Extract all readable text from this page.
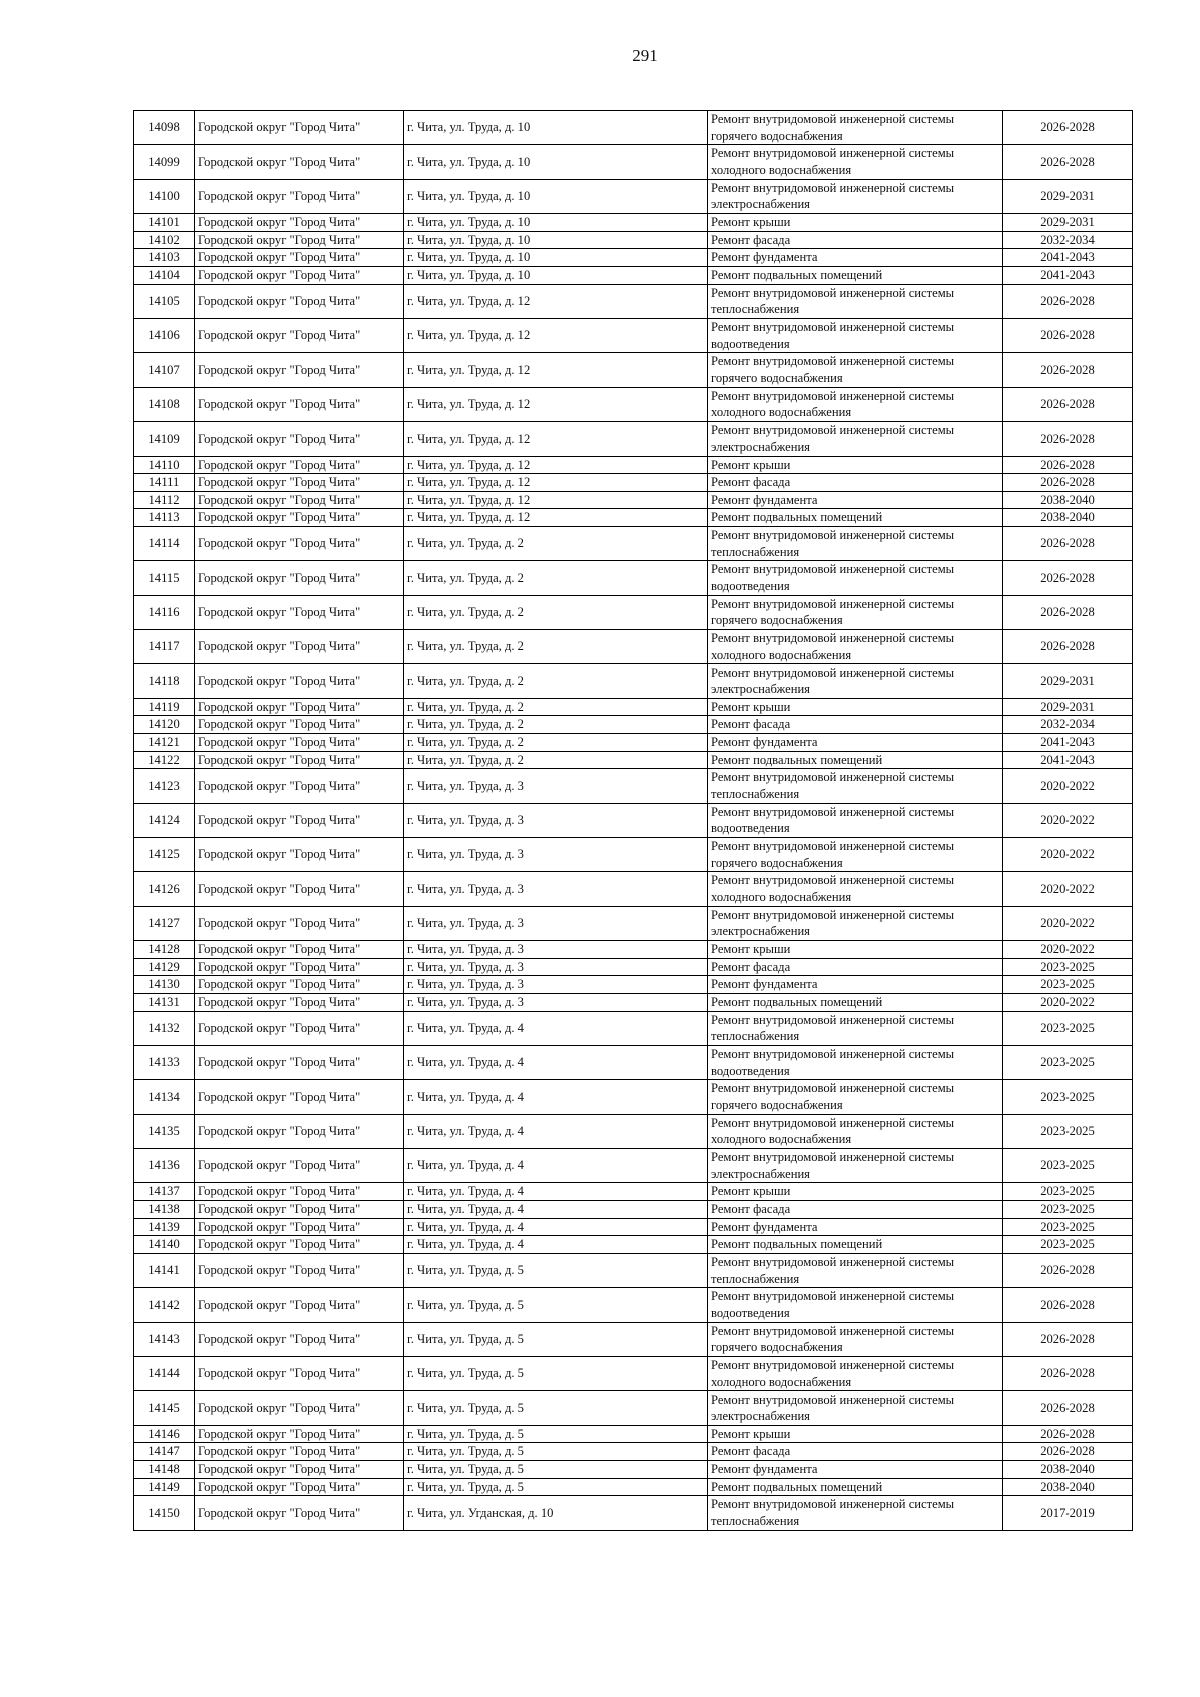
291
14098	Городской округ "Город Чита"	г. Чита, ул. Труда, д. 10	Ремонт внутридомовой инженерной системы горячего водоснабжения	2026-2028
14099	Городской округ "Город Чита"	г. Чита, ул. Труда, д. 10	Ремонт внутридомовой инженерной системы холодного водоснабжения	2026-2028
14100	Городской округ "Город Чита"	г. Чита, ул. Труда, д. 10	Ремонт внутридомовой инженерной системы электроснабжения	2029-2031
14101	Городской округ "Город Чита"	г. Чита, ул. Труда, д. 10	Ремонт крыши	2029-2031
14102	Городской округ "Город Чита"	г. Чита, ул. Труда, д. 10	Ремонт фасада	2032-2034
14103	Городской округ "Город Чита"	г. Чита, ул. Труда, д. 10	Ремонт фундамента	2041-2043
14104	Городской округ "Город Чита"	г. Чита, ул. Труда, д. 10	Ремонт подвальных помещений	2041-2043
14105	Городской округ "Город Чита"	г. Чита, ул. Труда, д. 12	Ремонт внутридомовой инженерной системы теплоснабжения	2026-2028
14106	Городской округ "Город Чита"	г. Чита, ул. Труда, д. 12	Ремонт внутридомовой инженерной системы водоотведения	2026-2028
14107	Городской округ "Город Чита"	г. Чита, ул. Труда, д. 12	Ремонт внутридомовой инженерной системы горячего водоснабжения	2026-2028
14108	Городской округ "Город Чита"	г. Чита, ул. Труда, д. 12	Ремонт внутридомовой инженерной системы холодного водоснабжения	2026-2028
14109	Городской округ "Город Чита"	г. Чита, ул. Труда, д. 12	Ремонт внутридомовой инженерной системы электроснабжения	2026-2028
14110	Городской округ "Город Чита"	г. Чита, ул. Труда, д. 12	Ремонт крыши	2026-2028
14111	Городской округ "Город Чита"	г. Чита, ул. Труда, д. 12	Ремонт фасада	2026-2028
14112	Городской округ "Город Чита"	г. Чита, ул. Труда, д. 12	Ремонт фундамента	2038-2040
14113	Городской округ "Город Чита"	г. Чита, ул. Труда, д. 12	Ремонт подвальных помещений	2038-2040
14114	Городской округ "Город Чита"	г. Чита, ул. Труда, д. 2	Ремонт внутридомовой инженерной системы теплоснабжения	2026-2028
14115	Городской округ "Город Чита"	г. Чита, ул. Труда, д. 2	Ремонт внутридомовой инженерной системы водоотведения	2026-2028
14116	Городской округ "Город Чита"	г. Чита, ул. Труда, д. 2	Ремонт внутридомовой инженерной системы горячего водоснабжения	2026-2028
14117	Городской округ "Город Чита"	г. Чита, ул. Труда, д. 2	Ремонт внутридомовой инженерной системы холодного водоснабжения	2026-2028
14118	Городской округ "Город Чита"	г. Чита, ул. Труда, д. 2	Ремонт внутридомовой инженерной системы электроснабжения	2029-2031
14119	Городской округ "Город Чита"	г. Чита, ул. Труда, д. 2	Ремонт крыши	2029-2031
14120	Городской округ "Город Чита"	г. Чита, ул. Труда, д. 2	Ремонт фасада	2032-2034
14121	Городской округ "Город Чита"	г. Чита, ул. Труда, д. 2	Ремонт фундамента	2041-2043
14122	Городской округ "Город Чита"	г. Чита, ул. Труда, д. 2	Ремонт подвальных помещений	2041-2043
14123	Городской округ "Город Чита"	г. Чита, ул. Труда, д. 3	Ремонт внутридомовой инженерной системы теплоснабжения	2020-2022
14124	Городской округ "Город Чита"	г. Чита, ул. Труда, д. 3	Ремонт внутридомовой инженерной системы водоотведения	2020-2022
14125	Городской округ "Город Чита"	г. Чита, ул. Труда, д. 3	Ремонт внутридомовой инженерной системы горячего водоснабжения	2020-2022
14126	Городской округ "Город Чита"	г. Чита, ул. Труда, д. 3	Ремонт внутридомовой инженерной системы холодного водоснабжения	2020-2022
14127	Городской округ "Город Чита"	г. Чита, ул. Труда, д. 3	Ремонт внутридомовой инженерной системы электроснабжения	2020-2022
14128	Городской округ "Город Чита"	г. Чита, ул. Труда, д. 3	Ремонт крыши	2020-2022
14129	Городской округ "Город Чита"	г. Чита, ул. Труда, д. 3	Ремонт фасада	2023-2025
14130	Городской округ "Город Чита"	г. Чита, ул. Труда, д. 3	Ремонт фундамента	2023-2025
14131	Городской округ "Город Чита"	г. Чита, ул. Труда, д. 3	Ремонт подвальных помещений	2020-2022
14132	Городской округ "Город Чита"	г. Чита, ул. Труда, д. 4	Ремонт внутридомовой инженерной системы теплоснабжения	2023-2025
14133	Городской округ "Город Чита"	г. Чита, ул. Труда, д. 4	Ремонт внутридомовой инженерной системы водоотведения	2023-2025
14134	Городской округ "Город Чита"	г. Чита, ул. Труда, д. 4	Ремонт внутридомовой инженерной системы горячего водоснабжения	2023-2025
14135	Городской округ "Город Чита"	г. Чита, ул. Труда, д. 4	Ремонт внутридомовой инженерной системы холодного водоснабжения	2023-2025
14136	Городской округ "Город Чита"	г. Чита, ул. Труда, д. 4	Ремонт внутридомовой инженерной системы электроснабжения	2023-2025
14137	Городской округ "Город Чита"	г. Чита, ул. Труда, д. 4	Ремонт крыши	2023-2025
14138	Городской округ "Город Чита"	г. Чита, ул. Труда, д. 4	Ремонт фасада	2023-2025
14139	Городской округ "Город Чита"	г. Чита, ул. Труда, д. 4	Ремонт фундамента	2023-2025
14140	Городской округ "Город Чита"	г. Чита, ул. Труда, д. 4	Ремонт подвальных помещений	2023-2025
14141	Городской округ "Город Чита"	г. Чита, ул. Труда, д. 5	Ремонт внутридомовой инженерной системы теплоснабжения	2026-2028
14142	Городской округ "Город Чита"	г. Чита, ул. Труда, д. 5	Ремонт внутридомовой инженерной системы водоотведения	2026-2028
14143	Городской округ "Город Чита"	г. Чита, ул. Труда, д. 5	Ремонт внутридомовой инженерной системы горячего водоснабжения	2026-2028
14144	Городской округ "Город Чита"	г. Чита, ул. Труда, д. 5	Ремонт внутридомовой инженерной системы холодного водоснабжения	2026-2028
14145	Городской округ "Город Чита"	г. Чита, ул. Труда, д. 5	Ремонт внутридомовой инженерной системы электроснабжения	2026-2028
14146	Городской округ "Город Чита"	г. Чита, ул. Труда, д. 5	Ремонт крыши	2026-2028
14147	Городской округ "Город Чита"	г. Чита, ул. Труда, д. 5	Ремонт фасада	2026-2028
14148	Городской округ "Город Чита"	г. Чита, ул. Труда, д. 5	Ремонт фундамента	2038-2040
14149	Городской округ "Город Чита"	г. Чита, ул. Труда, д. 5	Ремонт подвальных помещений	2038-2040
14150	Городской округ "Город Чита"	г. Чита, ул. Угданская, д. 10	Ремонт внутридомовой инженерной системы теплоснабжения	2017-2019
